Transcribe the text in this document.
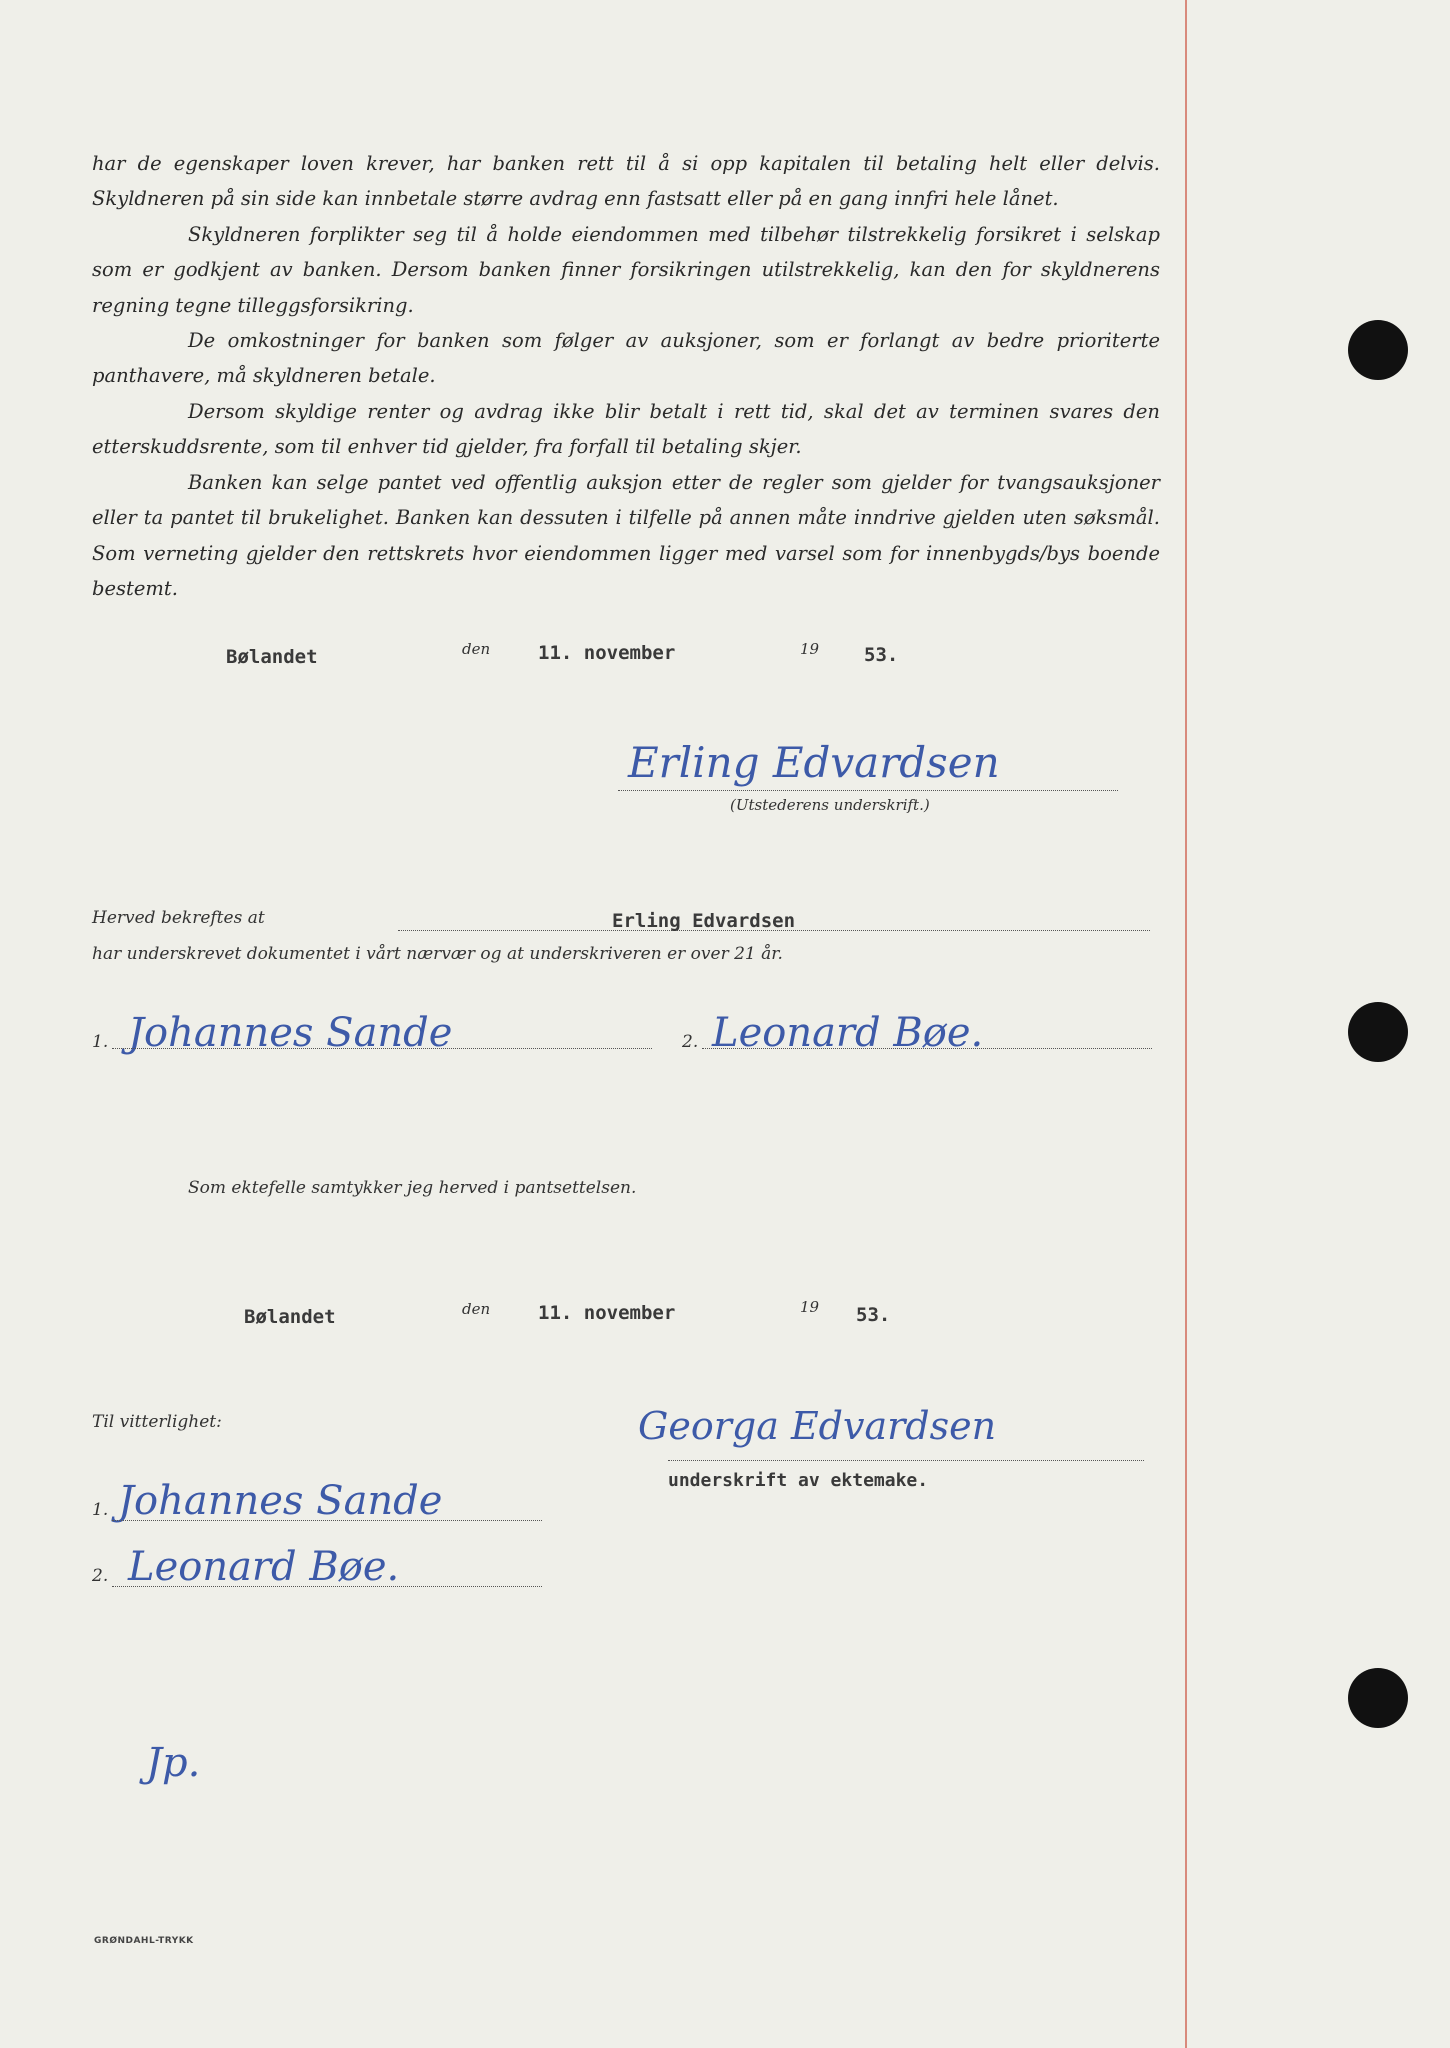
har de egenskaper loven krever, har banken rett til å si opp kapitalen til betaling helt eller delvis. Skyldneren på sin side kan innbetale større avdrag enn fastsatt eller på en gang innfri hele lånet.

Skyldneren forplikter seg til å holde eiendommen med tilbehør tilstrekkelig forsikret i selskap som er godkjent av banken. Dersom banken finner forsikringen utilstrekkelig, kan den for skyldnerens regning tegne tilleggsforsikring.

De omkostninger for banken som følger av auksjoner, som er forlangt av bedre prioriterte panthavere, må skyldneren betale.

Dersom skyldige renter og avdrag ikke blir betalt i rett tid, skal det av terminen svares den etterskuddsrente, som til enhver tid gjelder, fra forfall til betaling skjer.

Banken kan selge pantet ved offentlig auksjon etter de regler som gjelder for tvangsauksjoner eller ta pantet til brukelighet. Banken kan dessuten i tilfelle på annen måte inndrive gjelden uten søksmål. Som verneting gjelder den rettskrets hvor eiendommen ligger med varsel som for innenbygds/bys boende bestemt.

Bølandet	den	11. november	19 53.
Erling Edvardsen
(Utstederens underskrift.)
Herved bekreftes at	Erling Edvardsen
har underskrevet dokumentet i vårt nærvær og at underskriveren er over 21 år.
1. Johannes Sande	2. Leonard Bøe.
Som ektefelle samtykker jeg herved i pantsettelsen.
Bølandet	den	11. november	19 53.
Til vitterlighet:	Georga Edvardsen
underskrift av ektemake.
1. Johannes Sande
2. Leonard Bøe.
Jp.
GRØNDAHL-TRYKK
